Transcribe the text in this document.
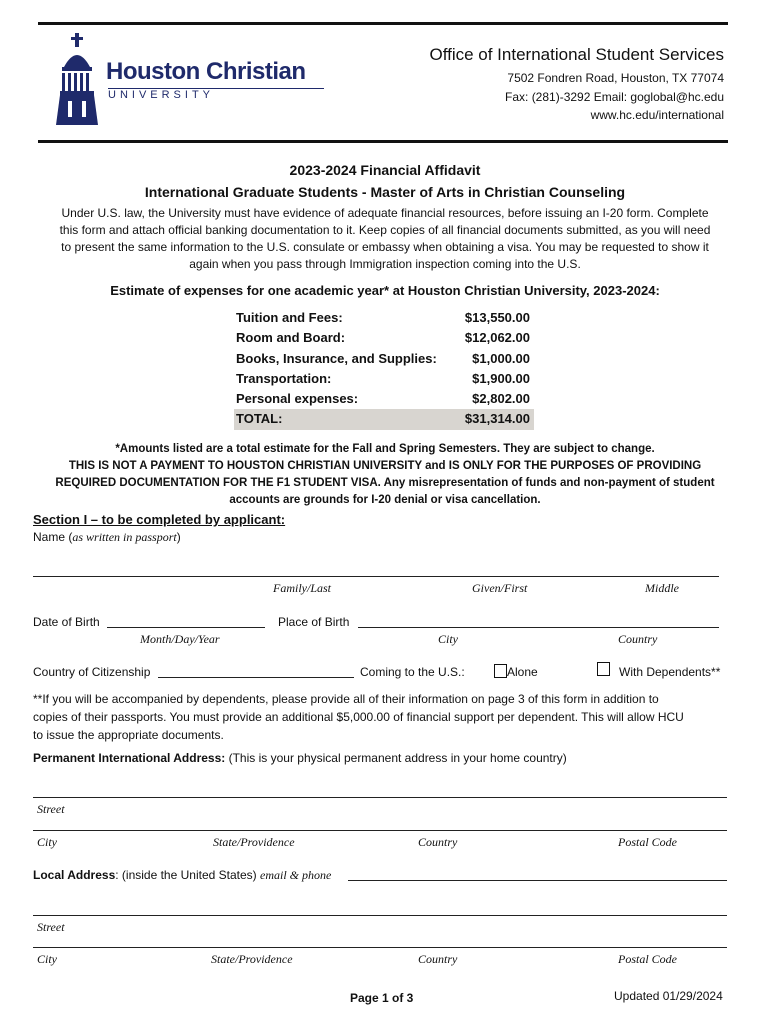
Houston Christian
UNIVERSITY
Office of International Student Services
7502 Fondren Road, Houston, TX 77074
Fax: (281)-3292 Email: goglobal@hc.edu
www.hc.edu/international
2023-2024 Financial Affidavit
International Graduate Students - Master of Arts in Christian Counseling
Under U.S. law, the University must have evidence of adequate financial resources, before issuing an I-20 form. Complete
this form and attach official banking documentation to it. Keep copies of all financial documents submitted, as you will need
to present the same information to the U.S. consulate or embassy when obtaining a visa. You may be requested to show it
again when you pass through Immigration inspection coming into the U.S.
Estimate of expenses for one academic year* at Houston Christian University, 2023-2024:
Tuition and Fees:	$13,550.00
Room and Board:	$12,062.00
Books, Insurance, and Supplies:	$1,000.00
Transportation:	$1,900.00
Personal expenses:	$2,802.00
TOTAL:	$31,314.00
*Amounts listed are a total estimate for the Fall and Spring Semesters. They are subject to change.
THIS IS NOT A PAYMENT TO HOUSTON CHRISTIAN UNIVERSITY and IS ONLY FOR THE PURPOSES OF PROVIDING
REQUIRED DOCUMENTATION FOR THE F1 STUDENT VISA. Any misrepresentation of funds and non-payment of student
accounts are grounds for I-20 denial or visa cancellation.
Section I – to be completed by applicant:
Name (as written in passport)
Family/Last	Given/First	Middle
Date of Birth
Month/Day/Year
Place of Birth
City	Country
Country of Citizenship	Coming to the U.S.:	Alone	With Dependents**
**If you will be accompanied by dependents, please provide all of their information on page 3 of this form in addition to
copies of their passports. You must provide an additional $5,000.00 of financial support per dependent. This will allow HCU
to issue the appropriate documents.
Permanent International Address: (This is your physical permanent address in your home country)
Street
City	State/Providence	Country	Postal Code
Local Address: (inside the United States) email & phone
Street
City	State/Providence	Country	Postal Code
Page 1 of 3	Updated 01/29/2024
